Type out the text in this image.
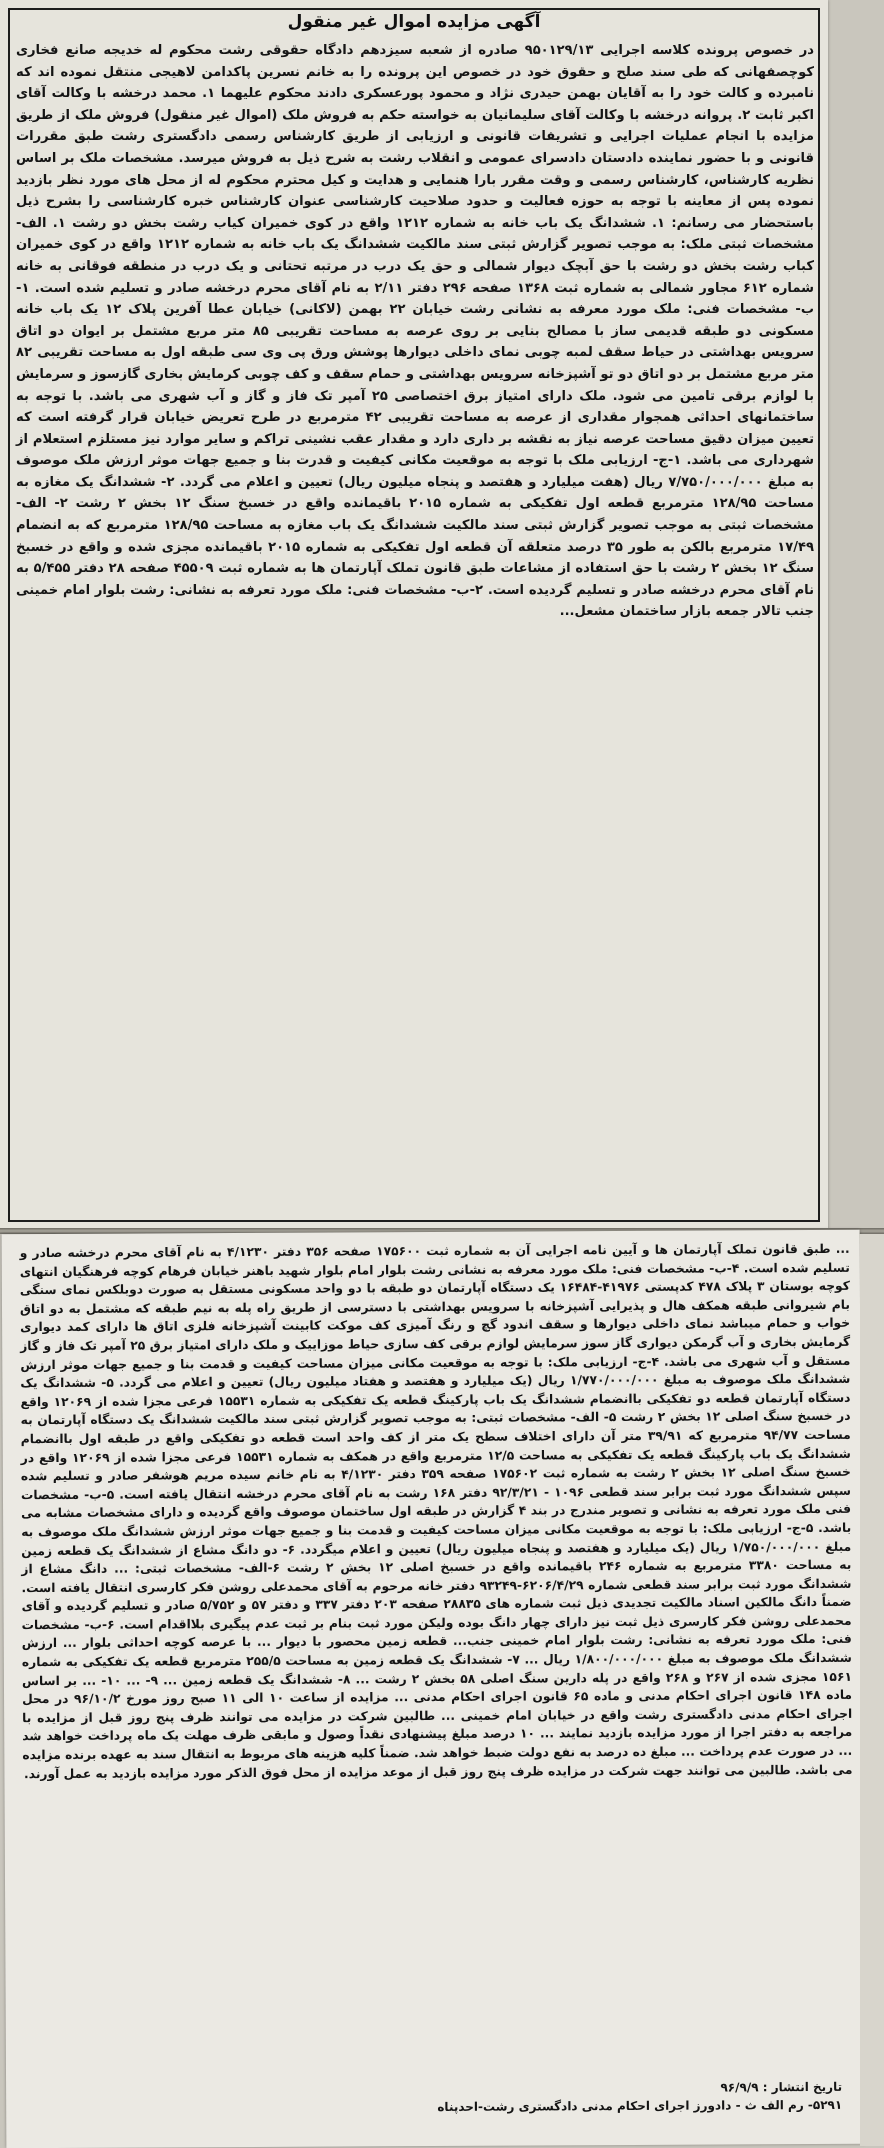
آگهی مزایده اموال غیر منقول
در خصوص پرونده کلاسه اجرایی ۹۵۰۱۲۹/۱۳ صادره از شعبه سیزدهم دادگاه حقوقی رشت محکوم له خدیجه صانع فخاری کوچصفهانی که طی سند صلح و حقوق خود در خصوص این پرونده را به خانم نسرین پاکدامن لاهیجی منتقل نموده اند که نامبرده و کالت خود را به آقایان بهمن حیدری نژاد و محمود پورعسکری دادند محکوم علیهما ۱. محمد درخشه با وکالت آقای اکبر ثابت ۲. پروانه درخشه با وکالت آقای سلیمانیان به خواسته حکم به فروش ملک (اموال غیر منقول) فروش ملک از طریق مزایده با انجام عملیات اجرایی و تشریفات قانونی و ارزیابی از طریق کارشناس رسمی دادگستری رشت طبق مقررات قانونی و با حضور نماینده دادستان دادسرای عمومی و انقلاب رشت به شرح ذیل به فروش میرسد. مشخصات ملک بر اساس نظریه کارشناس، کارشناس رسمی و وقت مقرر بارا هنمایی و هدایت و کیل محترم محکوم له از محل های مورد نظر بازدید نموده پس از معاینه با توجه به حوزه فعالیت و حدود صلاحیت کارشناسی عنوان کارشناس خبره کارشناسی را بشرح ذیل باستحضار می رسانم: ۱. ششدانگ یک باب خانه به شماره ۱۲۱۲ واقع در کوی خمیران کیاب رشت بخش دو رشت ۱. الف- مشخصات ثبتی ملک: به موجب تصویر گزارش ثبتی سند مالکیت ششدانگ یک باب خانه به شماره ۱۲۱۲ واقع در کوی خمیران کباب رشت بخش دو رشت با حق آبچک دیوار شمالی و حق یک درب در مرتبه تحتانی و یک درب در منطقه فوقانی به خانه شماره ۶۱۲ مجاور شمالی به شماره ثبت ۱۳۶۸ صفحه ۲۹۶ دفتر ۲/۱۱ به نام آقای محرم درخشه صادر و تسلیم شده است. ۱-ب- مشخصات فنی: ملک مورد معرفه به نشانی رشت خیابان ۲۲ بهمن (لاکانی) خیابان عطا آفرین پلاک ۱۲ یک باب خانه مسکونی دو طبقه قدیمی ساز با مصالح بنایی بر روی عرصه به مساحت تقریبی ۸۵ متر مربع مشتمل بر ایوان دو اتاق سرویس بهداشتی در حیاط سقف لمبه چوبی نمای داخلی دیوارها پوشش ورق پی وی سی طبقه اول به مساحت تقریبی ۸۲ متر مربع مشتمل بر دو اتاق دو تو آشپزخانه سرویس بهداشتی و حمام سقف و کف چوبی کرمایش بخاری گازسوز و سرمایش با لوازم برقی تامین می شود. ملک دارای امتیاز برق اختصاصی ۲۵ آمپر تک فاز و گاز و آب شهری می باشد. با توجه به ساختمانهای احداثی همجوار مقداری از عرصه به مساحت تقریبی ۴۲ مترمربع در طرح تعریض خیابان قرار گرفته است که تعیین میزان دقیق مساحت عرصه نیاز به نقشه بر داری دارد و مقدار عقب نشینی تراکم و سایر موارد نیز مستلزم استعلام از شهرداری می باشد. ۱-ج- ارزیابی ملک با توجه به موقعیت مکانی کیفیت و قدرت بنا و جمیع جهات موثر ارزش ملک موصوف به مبلغ ۷/۷۵۰/۰۰۰/۰۰۰ ریال (هفت میلیارد و هفتصد و پنجاه میلیون ریال) تعیین و اعلام می گردد. ۲- ششدانگ یک مغازه به مساحت ۱۲۸/۹۵ مترمربع قطعه اول تفکیکی به شماره ۲۰۱۵ باقیمانده واقع در خسبخ سنگ ۱۲ بخش ۲ رشت ۲- الف- مشخصات ثبتی به موجب تصویر گزارش ثبتی سند مالکیت ششدانگ یک باب مغازه به مساحت ۱۲۸/۹۵ مترمربع که به انضمام ۱۷/۴۹ مترمربع بالکن به طور ۳۵ درصد متعلقه آن قطعه اول تفکیکی به شماره ۲۰۱۵ باقیمانده مجزی شده و واقع در خسبخ سنگ ۱۲ بخش ۲ رشت با حق استفاده از مشاعات طبق قانون تملک آپارتمان ها به شماره ثبت ۴۵۵۰۹ صفحه ۲۸ دفتر ۵/۴۵۵ به نام آقای محرم درخشه صادر و تسلیم گردیده است. ۲-ب- مشخصات فنی: ملک مورد تعرفه به نشانی: رشت بلوار امام خمینی جنب تالار جمعه بازار ساختمان مشعل...
... طبق قانون تملک آپارتمان ها و آیین نامه اجرایی آن به شماره ثبت ۱۷۵۶۰۰ صفحه ۳۵۶ دفتر ۴/۱۲۳۰ به نام آقای محرم درخشه صادر و تسلیم شده است. ۴-ب- مشخصات فنی: ملک مورد معرفه به نشانی رشت بلوار امام بلوار شهید باهنر خیابان فرهام کوچه فرهنگیان انتهای کوچه بوستان ۳ پلاک ۴۷۸ کدپستی ۴۱۹۷۶-۱۶۴۸۴ یک دستگاه آپارتمان دو طبقه با دو واحد مسکونی مستقل به صورت دوبلکس نمای سنگی بام شیروانی طبقه همکف هال و پذیرایی آشپزخانه با سرویس بهداشتی با دسترسی از طریق راه پله به نیم طبقه که مشتمل به دو اتاق خواب و حمام میباشد نمای داخلی دیوارها و سقف اندود گچ و رنگ آمیزی کف موکت کابینت آشپزخانه فلزی اتاق ها دارای کمد دیواری گرمایش بخاری و آب گرمکن دیواری گاز سوز سرمایش لوازم برقی کف سازی حیاط موزاییک و ملک دارای امتیاز برق ۲۵ آمپر تک فاز و گاز مستقل و آب شهری می باشد. ۴-ج- ارزیابی ملک: با توجه به موقعیت مکانی میزان مساحت کیفیت و قدمت بنا و جمیع جهات موثر ارزش ششدانگ ملک موصوف به مبلغ ۱/۷۷۰/۰۰۰/۰۰۰ ریال (یک میلیارد و هفتصد و هفتاد میلیون ریال) تعیین و اعلام می گردد. ۵- ششدانگ یک دستگاه آپارتمان قطعه دو تفکیکی باانضمام ششدانگ یک باب پارکینگ قطعه یک تفکیکی به شماره ۱۵۵۳۱ فرعی مجزا شده از ۱۲۰۶۹ واقع در خسبخ سنگ اصلی ۱۲ بخش ۲ رشت ۵- الف- مشخصات ثبتی: به موجب تصویر گزارش ثبتی سند مالکیت ششدانگ یک دستگاه آپارتمان به مساحت ۹۴/۷۷ مترمربع که ۳۹/۹۱ متر آن دارای اختلاف سطح یک متر از کف واحد است قطعه دو تفکیکی واقع در طبقه اول باانضمام ششدانگ یک باب پارکینگ قطعه یک تفکیکی به مساحت ۱۲/۵ مترمربع واقع در همکف به شماره ۱۵۵۳۱ فرعی مجزا شده از ۱۲۰۶۹ واقع در خسبخ سنگ اصلی ۱۲ بخش ۲ رشت به شماره ثبت ۱۷۵۶۰۲ صفحه ۳۵۹ دفتر ۴/۱۲۳۰ به نام خانم سیده مریم هوشفر صادر و تسلیم شده سپس ششدانگ مورد ثبت برابر سند قطعی ۱۰۹۶ - ۹۲/۳/۲۱ دفتر ۱۶۸ رشت به نام آقای محرم درخشه انتقال یافته است. ۵-ب- مشخصات فنی ملک مورد تعرفه به نشانی و تصویر مندرج در بند ۴ گزارش در طبقه اول ساختمان موصوف واقع گردیده و دارای مشخصات مشابه می باشد. ۵-ج- ارزیابی ملک: با توجه به موقعیت مکانی میزان مساحت کیفیت و قدمت بنا و جمیع جهات موثر ارزش ششدانگ ملک موصوف به مبلغ ۱/۷۵۰/۰۰۰/۰۰۰ ریال (یک میلیارد و هفتصد و پنجاه میلیون ریال) تعیین و اعلام میگردد. ۶- دو دانگ مشاع از ششدانگ یک قطعه زمین به مساحت ۳۳۸۰ مترمربع به شماره ۲۴۶ باقیمانده واقع در خسبخ اصلی ۱۲ بخش ۲ رشت ۶-الف- مشخصات ثبتی: ... دانگ مشاع از ششدانگ مورد ثبت برابر سند قطعی شماره ۶۲۰۶/۴/۲۹-۹۳۲۴۹ دفتر خانه مرحوم به آقای محمدعلی روشن فکر کارسری انتقال یافته است. ضمناً دانگ مالکین اسناد مالکیت تجدیدی ذیل ثبت شماره های ۲۸۸۳۵ صفحه ۲۰۳ دفتر ۳۳۷ و دفتر ۵۷ و ۵/۷۵۲ صادر و تسلیم گردیده و آقای محمدعلی روشن فکر کارسری ذیل ثبت نیز دارای چهار دانگ بوده ولیکن مورد ثبت بنام بر ثبت عدم پیگیری بلااقدام است. ۶-ب- مشخصات فنی: ملک مورد تعرفه به نشانی: رشت بلوار امام خمینی جنب... قطعه زمین محصور با دیوار ... با عرصه کوچه احداثی بلوار ... ارزش ششدانگ ملک موصوف به مبلغ ۱/۸۰۰/۰۰۰/۰۰۰ ریال ... ۷- ششدانگ یک قطعه زمین به مساحت ۲۵۵/۵ مترمربع قطعه یک تفکیکی به شماره ۱۵۶۱ مجزی شده از ۲۶۷ و ۲۶۸ واقع در پله دارین سنگ اصلی ۵۸ بخش ۲ رشت ... ۸- ششدانگ یک قطعه زمین ... ۹- ... ۱۰- ... بر اساس ماده ۱۴۸ قانون اجرای احکام مدنی و ماده ۶۵ قانون اجرای احکام مدنی ... مزایده از ساعت ۱۰ الی ۱۱ صبح روز مورخ ۹۶/۱۰/۲ در محل اجرای احکام مدنی دادگستری رشت واقع در خیابان امام خمینی ... طالبین شرکت در مزایده می توانند ظرف پنج روز قبل از مزایده با مراجعه به دفتر اجرا از مورد مزایده بازدید نمایند ... ۱۰ درصد مبلغ پیشنهادی نقداً وصول و مابقی ظرف مهلت یک ماه پرداخت خواهد شد ... در صورت عدم پرداخت ... مبلغ ده درصد به نفع دولت ضبط خواهد شد. ضمناً کلیه هزینه های مربوط به انتقال سند به عهده برنده مزایده می باشد. طالبین می توانند جهت شرکت در مزایده ظرف پنج روز قبل از موعد مزایده از محل فوق الذکر مورد مزایده بازدید به عمل آورند.
تاریخ انتشار : ۹۶/۹/۹
۵۲۹۱- رم الف ث - دادورز اجرای احکام مدنی دادگستری رشت-احدپناه
